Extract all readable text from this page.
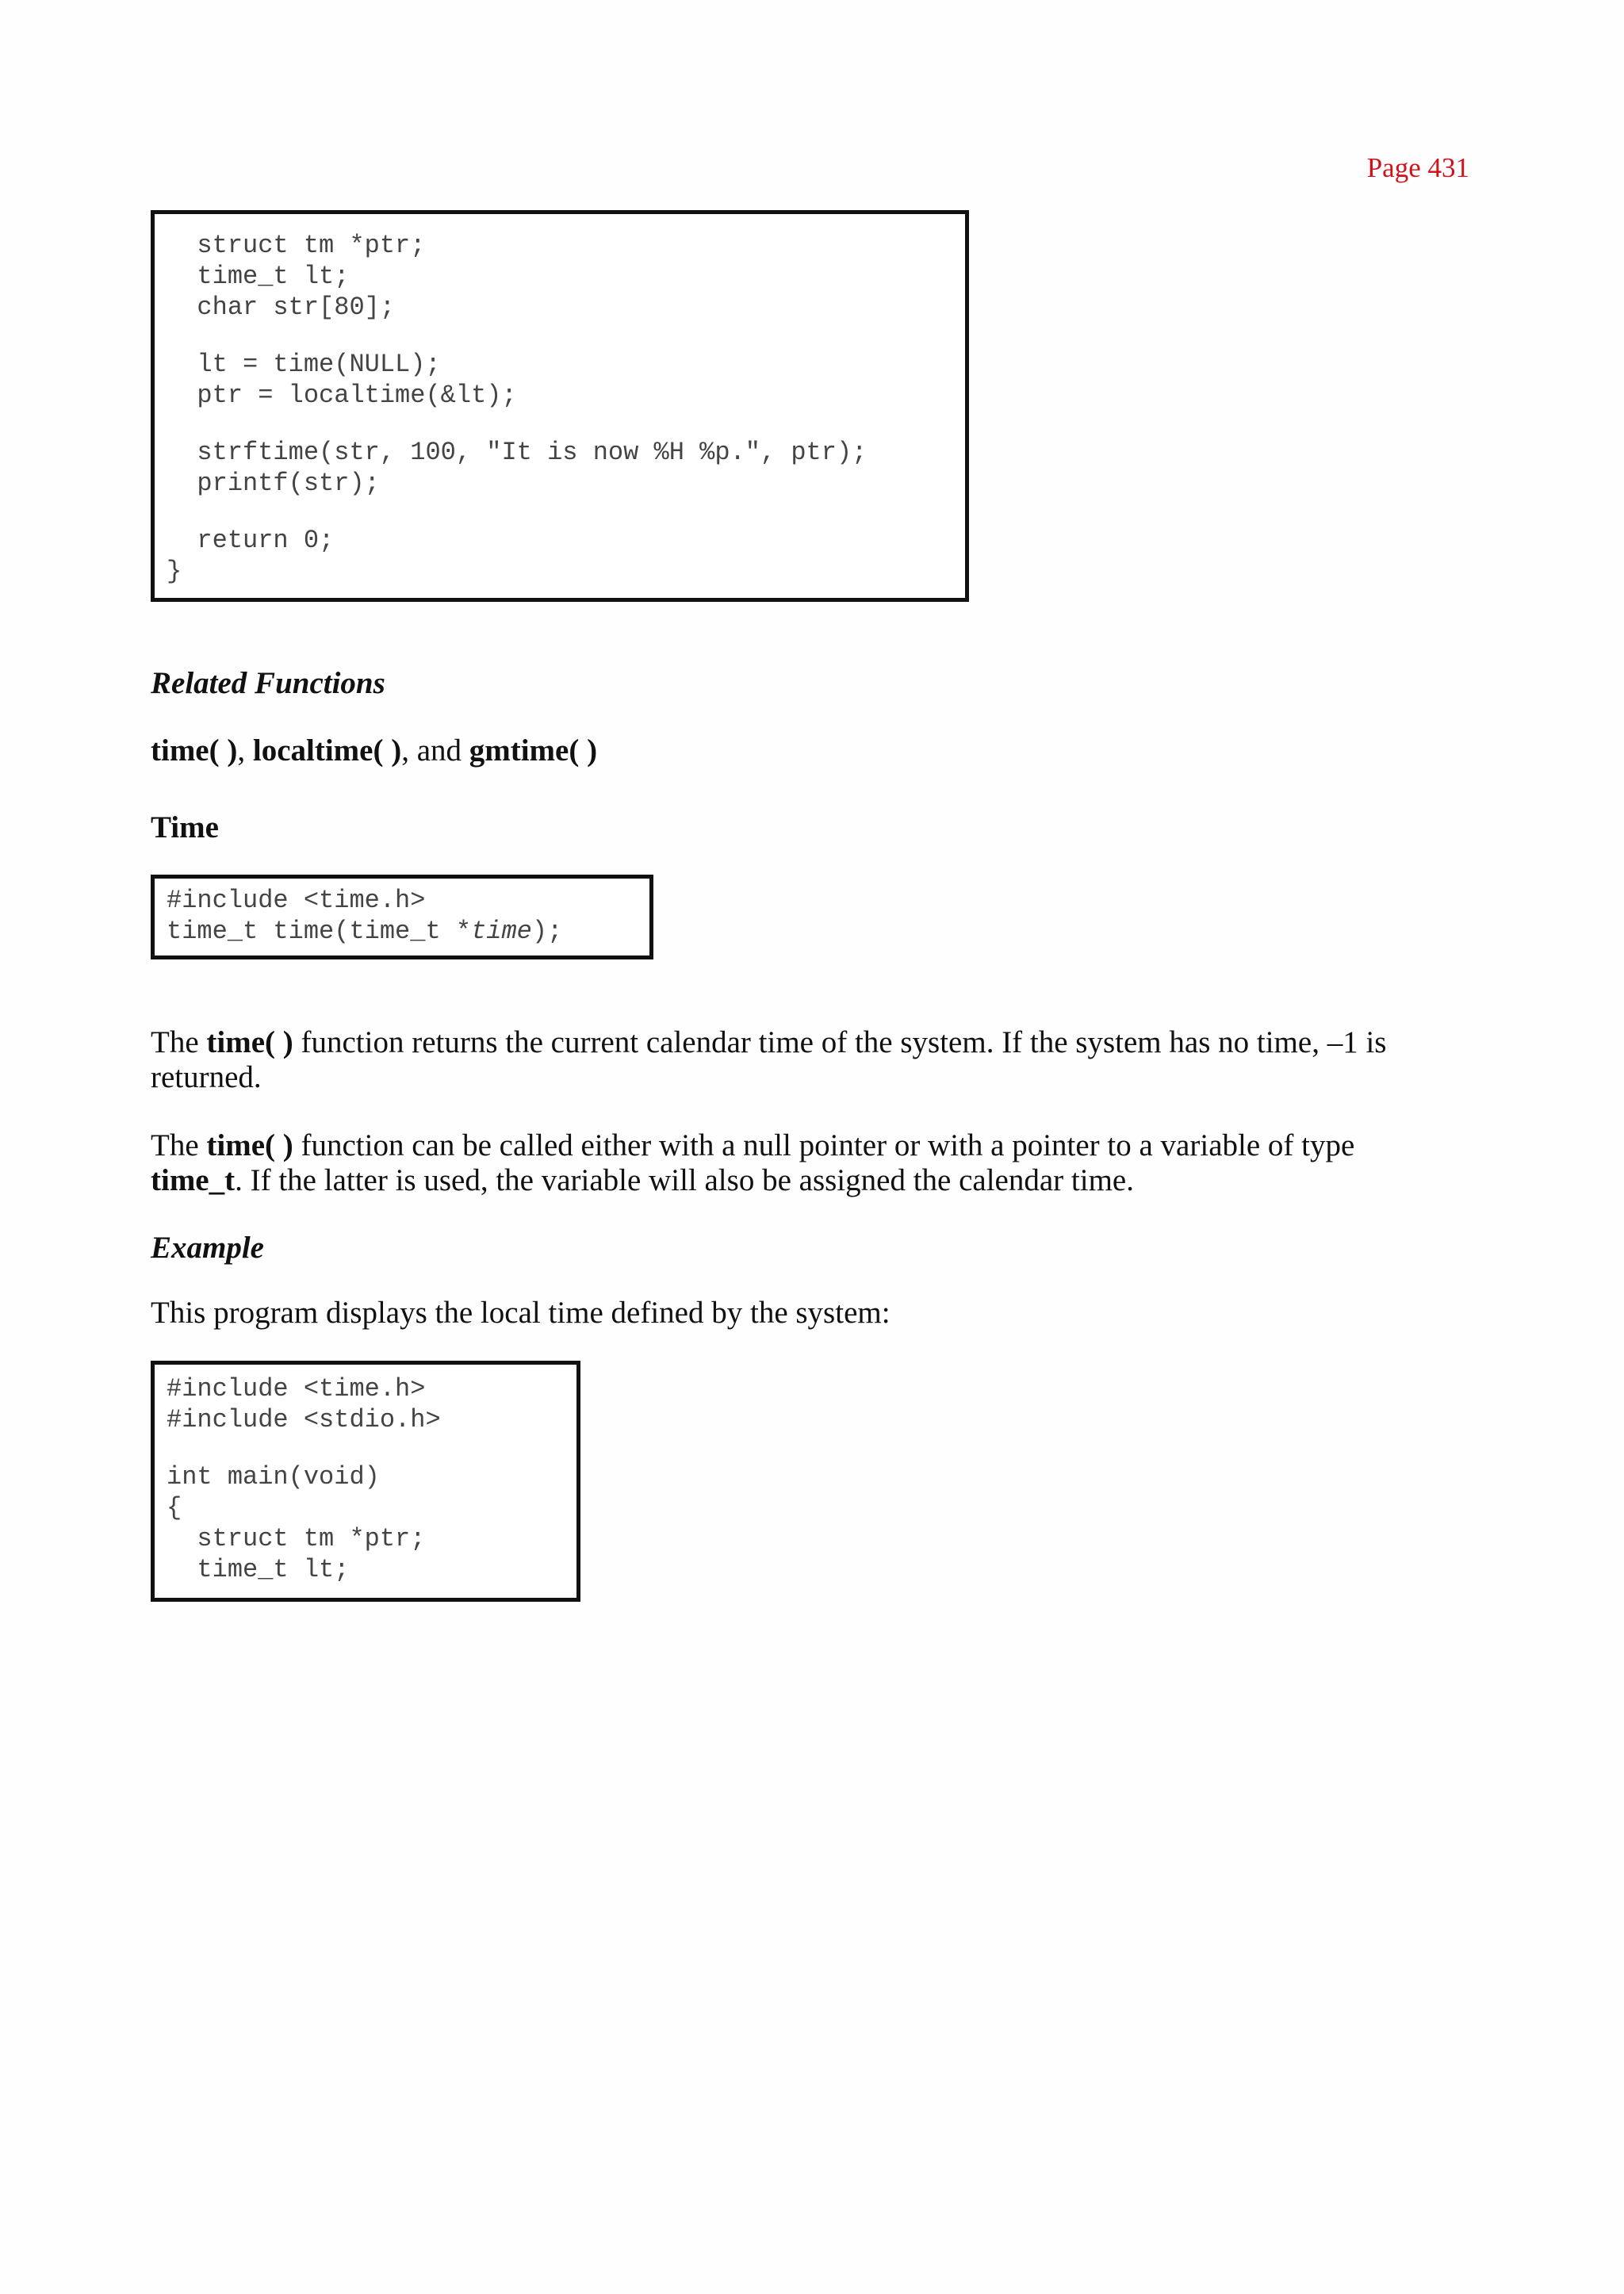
Page 431
struct tm *ptr;
time_t lt;
char str[80];
lt = time(NULL);
ptr = localtime(&lt);
strftime(str, 100, "It is now %H %p.", ptr);
printf(str);
return 0;
}
Related Functions
time( ), localtime( ), and gmtime( )
Time
#include <time.h>
time_t time(time_t *time);
The time( ) function returns the current calendar time of the system. If the system has no time, –1 is
returned.
The time( ) function can be called either with a null pointer or with a pointer to a variable of type
time_t. If the latter is used, the variable will also be assigned the calendar time.
Example
This program displays the local time defined by the system:
#include <time.h>
#include <stdio.h>
int main(void)
{
struct tm *ptr;
time_t lt;
